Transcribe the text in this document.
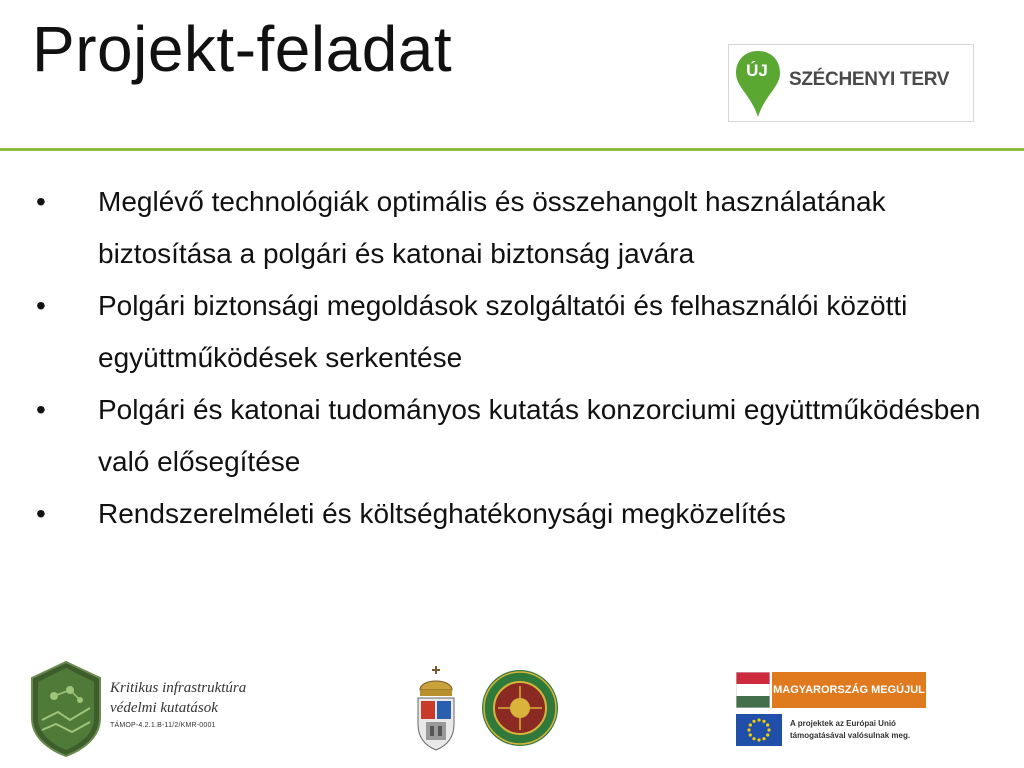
Projekt-feladat	ÚJ	SZÉCHENYI TERV
• Meglévő technológiák optimális és összehangolt használatának biztosítása a polgári és katonai biztonság javára
• Polgári biztonsági megoldások szolgáltatói és felhasználói közötti együttműködések serkentése
• Polgári és katonai tudományos kutatás konzorciumi együttműködésben való elősegítése
• Rendszerelméleti és költséghatékonysági megközelítés
Kritikus infrastruktúra
védelmi kutatások
TÁMOP-4.2.1.B-11/2/KMR-0001
MAGYARORSZÁG MEGÚJUL
A projektek az Európai Unió
támogatásával valósulnak meg.
